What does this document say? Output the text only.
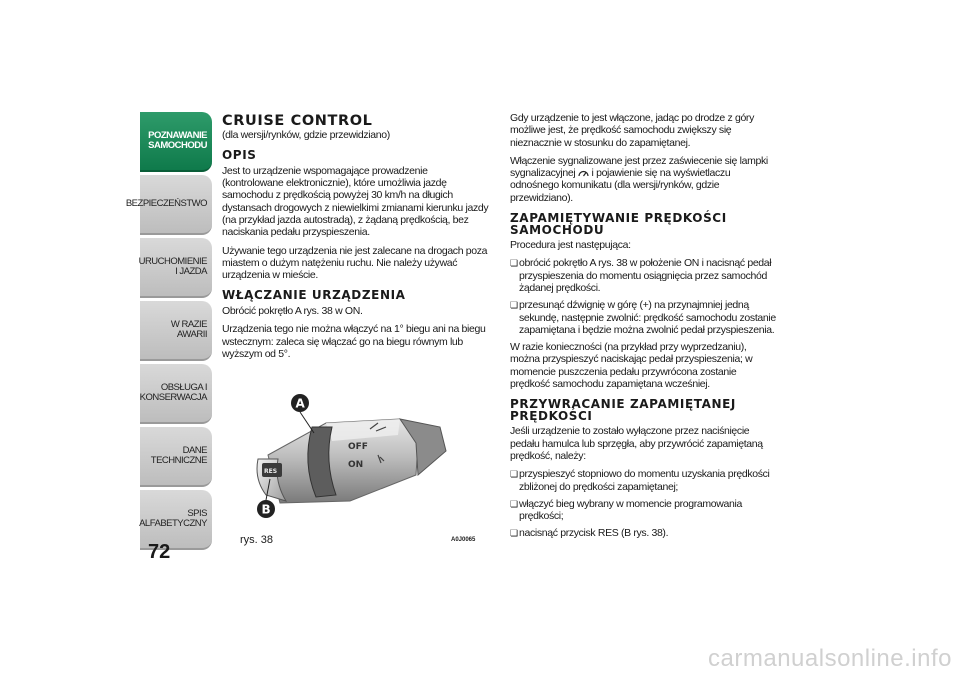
POZNAWANIE SAMOCHODU
BEZPIECZEŃSTWO
URUCHOMIENIE I JAZDA
W RAZIE AWARII
OBSŁUGA I KONSERWACJA
DANE TECHNICZNE
SPIS ALFABETYCZNY
72
CRUISE CONTROL

(dla wersji/rynków, gdzie przewidziano)

OPIS

Jest to urządzenie wspomagające prowadzenie (kontrolowane elektronicznie), które umożliwia jazdę samochodu z prędkością powyżej 30 km/h na długich dystansach drogowych z niewielkimi zmianami kierunku jazdy (na przykład jazda autostradą), z żądaną prędkością, bez naciskania pedału przyspieszenia.

Używanie tego urządzenia nie jest zalecane na drogach poza miastem o dużym natężeniu ruchu. Nie należy używać urządzenia w mieście.

WŁĄCZANIE URZĄDZENIA

Obrócić pokrętło A rys. 38 w ON.

Urządzenia tego nie można włączyć na 1° biegu ani na biegu wstecznym: zaleca się włączać go na biegu równym lub wyższym od 5°.

OFF
ON
RES
A
B
rys. 38	A0J0065

Gdy urządzenie to jest włączone, jadąc po drodze z góry możliwe jest, że prędkość samochodu zwiększy się nieznacznie w stosunku do zapamiętanej.

Włączenie sygnalizowane jest przez zaświecenie się lampki sygnalizacyjnej i pojawienie się na wyświetlaczu odnośnego komunikatu (dla wersji/rynków, gdzie przewidziano).

ZAPAMIĘTYWANIE PRĘDKOŚCI SAMOCHODU

Procedura jest następująca:

❏ obrócić pokrętło A rys. 38 w położenie ON i nacisnąć pedał przyspieszenia do momentu osiągnięcia przez samochód żądanej prędkości.
❏ przesunąć dźwignię w górę (+) na przynajmniej jedną sekundę, następnie zwolnić: prędkość samochodu zostanie zapamiętana i będzie można zwolnić pedał przyspieszenia.

W razie konieczności (na przykład przy wyprzedzaniu), można przyspieszyć naciskając pedał przyspieszenia; w momencie puszczenia pedału przywrócona zostanie prędkość samochodu zapamiętana wcześniej.

PRZYWRACANIE ZAPAMIĘTANEJ PRĘDKOŚCI

Jeśli urządzenie to zostało wyłączone przez naciśnięcie pedału hamulca lub sprzęgła, aby przywrócić zapamiętaną prędkość, należy:

❏ przyspieszyć stopniowo do momentu uzyskania prędkości zbliżonej do prędkości zapamiętanej;
❏ włączyć bieg wybrany w momencie programowania prędkości;
❏ nacisnąć przycisk RES (B rys. 38).
carmanualsonline.info
